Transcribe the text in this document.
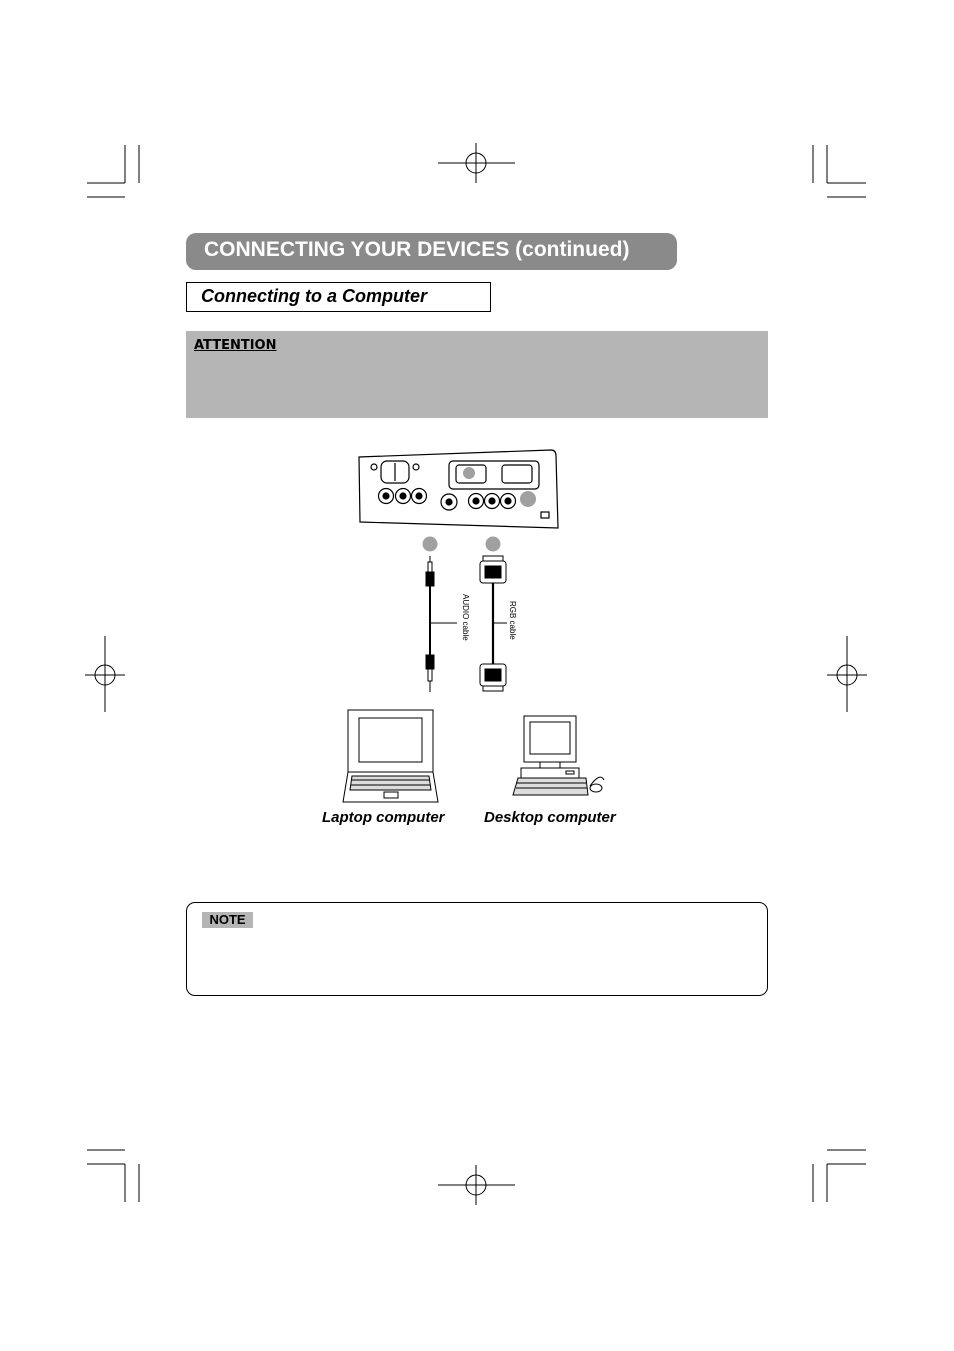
CONNECTING YOUR DEVICES (continued)
Connecting to a Computer
ATTENTION
AUDIO cable	RGB cable
Laptop computer	Desktop computer
NOTE
